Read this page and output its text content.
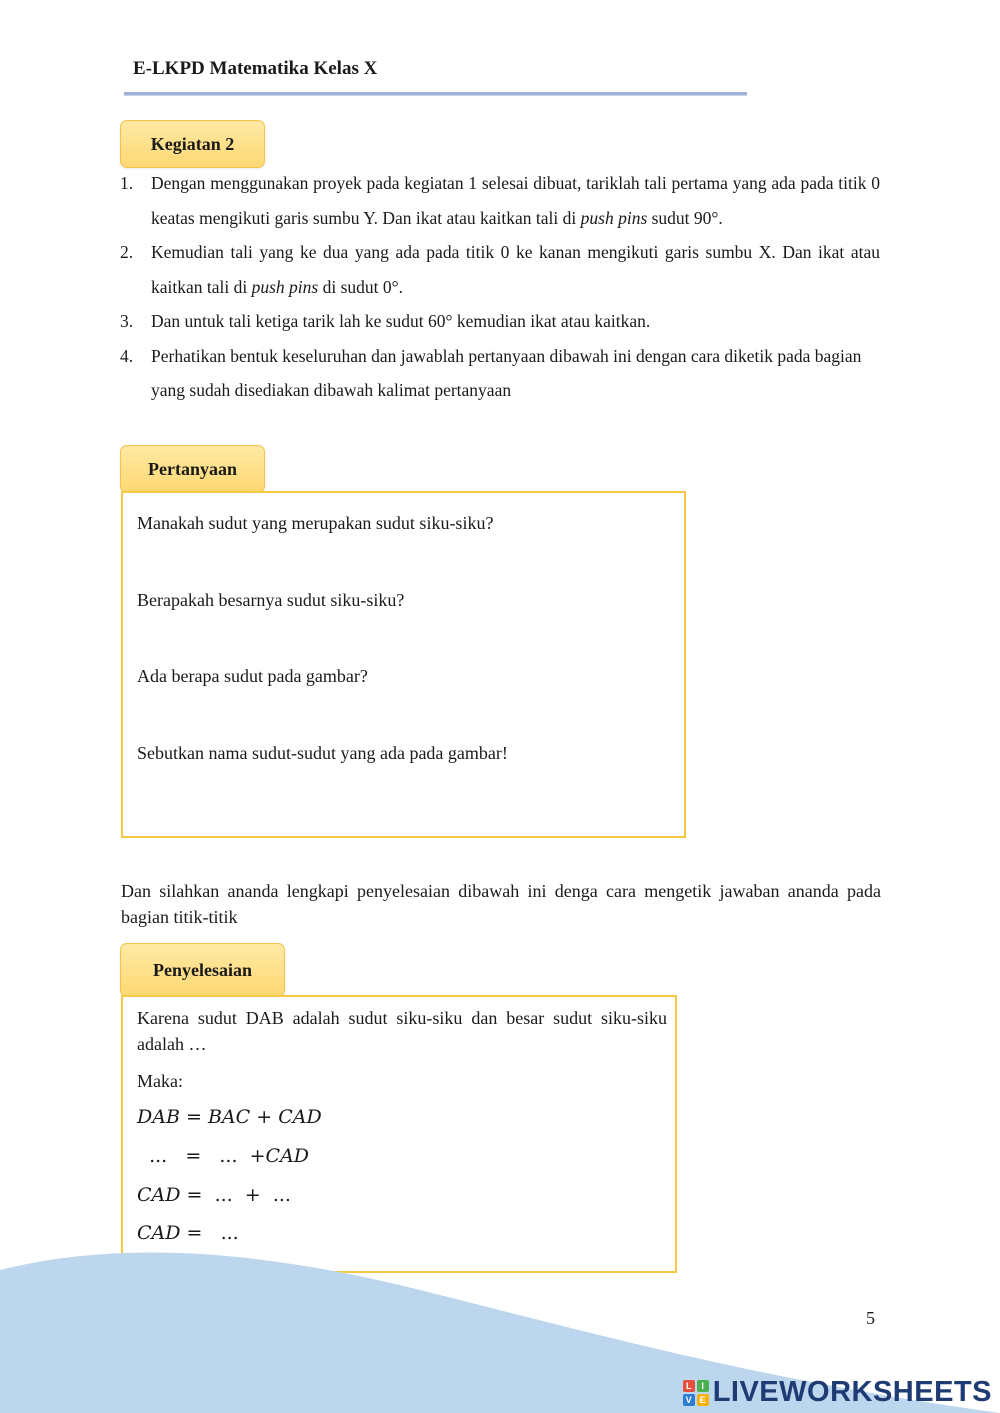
E-LKPD Matematika Kelas X
Kegiatan 2
1.	Dengan menggunakan proyek pada kegiatan 1 selesai dibuat, tariklah tali pertama yang ada pada titik 0 keatas mengikuti garis sumbu Y. Dan ikat atau kaitkan tali di push pins sudut 90°.
2.	Kemudian tali yang ke dua yang ada pada titik 0 ke kanan mengikuti garis sumbu X. Dan ikat atau kaitkan tali di push pins di sudut 0°.
3.	Dan untuk tali ketiga tarik lah ke sudut 60° kemudian ikat atau kaitkan.
4.	Perhatikan bentuk keseluruhan dan jawablah pertanyaan dibawah ini dengan cara diketik pada bagian yang sudah disediakan dibawah kalimat pertanyaan
Pertanyaan
Manakah sudut yang merupakan sudut siku-siku?
Berapakah besarnya sudut siku-siku?
Ada berapa sudut pada gambar?
Sebutkan nama sudut-sudut yang ada pada gambar!
Dan silahkan ananda lengkapi penyelesaian dibawah ini denga cara mengetik jawaban ananda pada bagian titik-titik
Penyelesaian
Karena sudut DAB adalah sudut siku-siku dan besar sudut siku-siku adalah …
Maka:
DAB = BAC + CAD
... = ... +CAD
CAD = ... + ...
CAD = ...
5
L	I
V E LIVEWORKSHEETS
